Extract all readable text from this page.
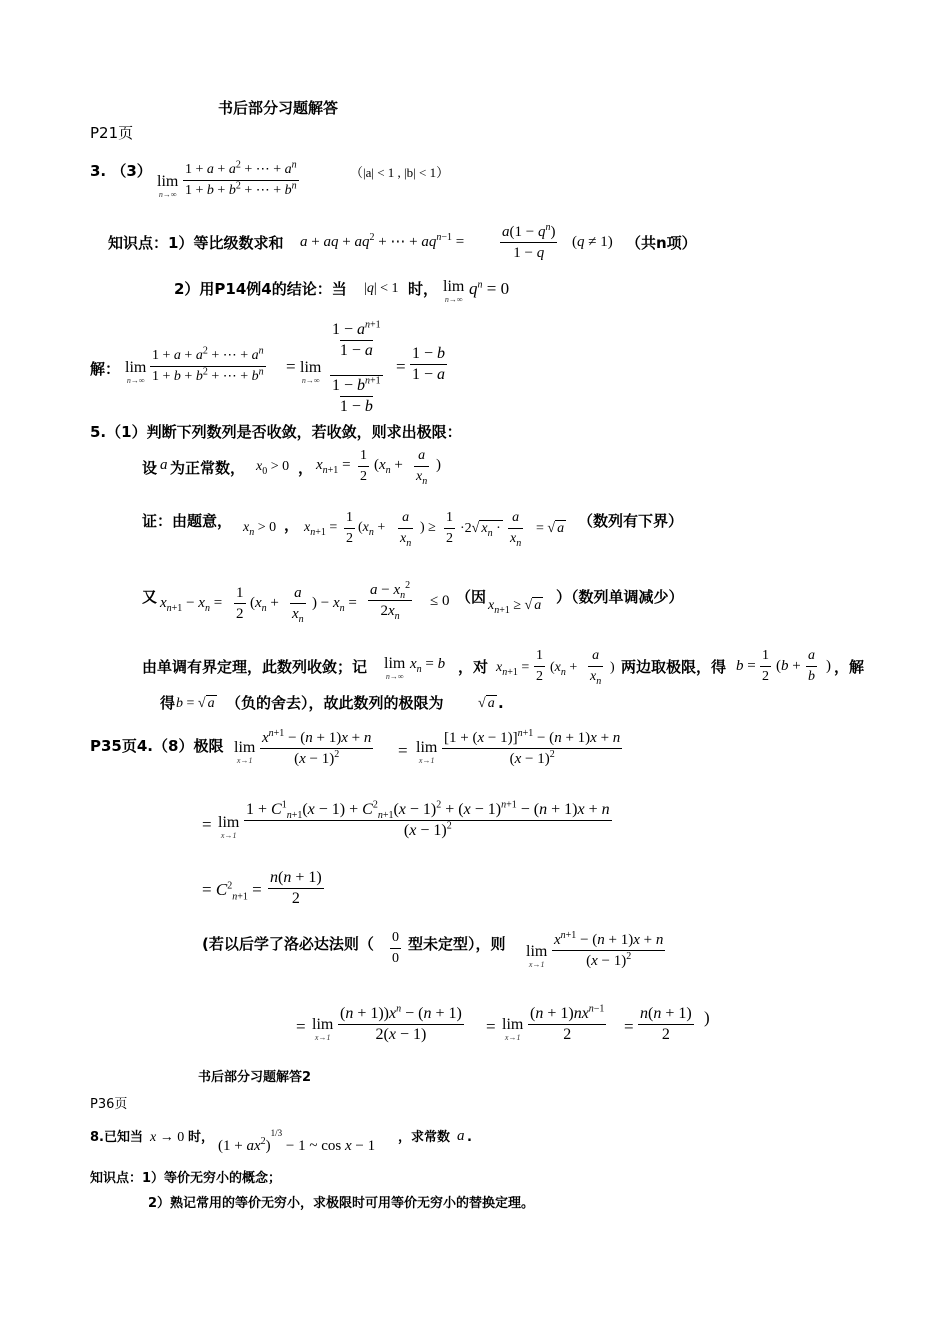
书后部分习题解答
P21页
3. （3）
lim
$n\to\infty \frac{1 + a + a^2 + \cdots + a^n}{1 + b + b^2 + \cdots + b^n}$	（|a| < 1 , |b| < 1）
知识点：1）等比级数求和 a + aq + $aq^2$ + ⋯ + $aq^{n-1} = \frac{a(1 - q^n)}{1 - q} (q \ne 1)$ （共n项）
2）用P14例4的结论：当 |q| < 1 时， lim
n→∞
$q^n = 0$
解： lim
$n\to\infty \frac{1 + a + a^2 + \cdots + a^n}{1 + b + b^2 + \cdots + b^n} = \lim$
n→∞
$1 - a^{n+1}$
1 − a
$1 - b^{n+1}$
1 − b
= $\frac{1 - b}{1 - a}$
5.（1）判断下列数列是否收敛，若收敛，则求出极限：
设 a 为正常数， $x_0 > 0$ ， $x_{n+1} = \frac{1}{2} (x_n + \frac{a}{x_n}$ )
证：由题意， $x_n > 0$ ， $x_{n+1} = \frac{1}{2} (x_n + \frac{a}{x_n}$ ) ≥ $\frac{1}{2} \cdot 2√$ $x_n \cdot \frac{a}{x_n}$ = √ a （数列有下界）
又 $x_{n+1} - x_n = \frac{1}{2} (x_n + \frac{a}{x_n}$ ) − $x_n = \frac{a - x_n^2}{2x_n} \le 0$ （因 $x_{n+1}$ ≥ √ a ）（数列单调减少）
由单调有界定理，此数列收敛；记 lim
n→∞
$x_n = b$ ，对 $x_{n+1} = \frac{1}{2} (x_n + \frac{a}{x_n}$ ) 两边取极限，得 $b = \frac{1}{2} (b + \frac{a}{b}$ ) ，解
得 b = √ a （负的舍去），故此数列的极限为 √ a .
P35页4.（8）极限 lim
$x\to 1 \frac{x^{n+1} - (n + 1)x + n}{(x - 1)^2} = \lim$
$x\to 1 \frac{[1 + (x - 1)]^{n+1} - (n + 1)x + n}{(x - 1)^2}$
= lim
$x\to 1 \frac{1 + C^1_{n+1}(x - 1) + C^2_{n+1}(x - 1)^2 + (x - 1)^{n+1} - (n + 1)x + n}{(x - 1)^2}$
= $C^2_{n+1} = \frac{n(n + 1)}{2}$
(若以后学了洛必达法则（ $\frac{0}{0}$ 型未定型），则 lim
$x\to 1 \frac{x^{n+1} - (n + 1)x + n}{(x - 1)^2}$
= lim
$x\to 1 \frac{(n + 1))x^n - (n + 1)}{2(x - 1)} = \lim$
x→1
$(n + 1)nx^{n-1}$
2	= $\frac{n(n + 1)}{2}$ )
书后部分习题解答2
P36页
8.已知当 x → 0 时，
$(1 + ax^2)^{1/3} - 1$ ~ cos x − 1
，求常数 a .
知识点：1）等价无穷小的概念；
2）熟记常用的等价无穷小，求极限时可用等价无穷小的替换定理。
